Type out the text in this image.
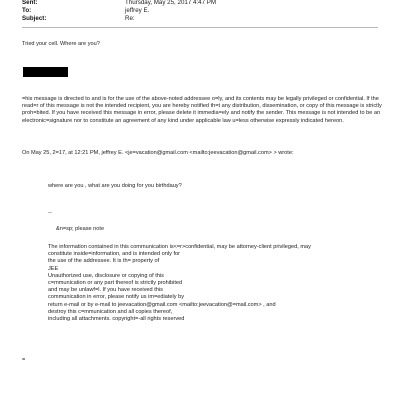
Sent:	Thursday, May 25, 2017 4:47 PM
To:	jeffrey E.
Subject:	Re:

Tried your cell. Where are you?

=his message is directed to and is for the use of the above-noted addressee o=ly, and its contents may be legally privileged or confidential. If the read=r of this message is not the intended recipient, you are hereby notified th=t any distribution, dissemination, or copy of this message is strictly proh=bited. If you have received this message in error, please delete it immedia=ely and notify the sender. This message is not intended to be an electronic=signature nor to constitute an agreement of any kind under applicable law u=less otherwise expressly indicated hereon.

On May 25, 2=17, at 12:21 PM, jeffrey E. <je=vacation@gmail.com <mailto:jeevacation@gmail.com> > wrote:

where are you , what are you doing for you birthdauy?

--

&n=sp; please note

The information contained in this communication is<=r>confidential, may be attorney-client privileged, may

constitute inside=information, and is intended only for

the use of the addressee. It is th= property of

JEE

Unauthorized use, disclosure or copying of this

c=mmunication or any part thereof is strictly prohibited

and may be unlawf=l. If you have received this

communication in error, please notify us im=ediately by

return e-mail or by e-mail to jeevacation@gmail.com <mailto:jeevacation@=mail.com> , and

destroy this c=mmunication and all copies thereof,

including all attachments. copyright=-all rights reserved

=
